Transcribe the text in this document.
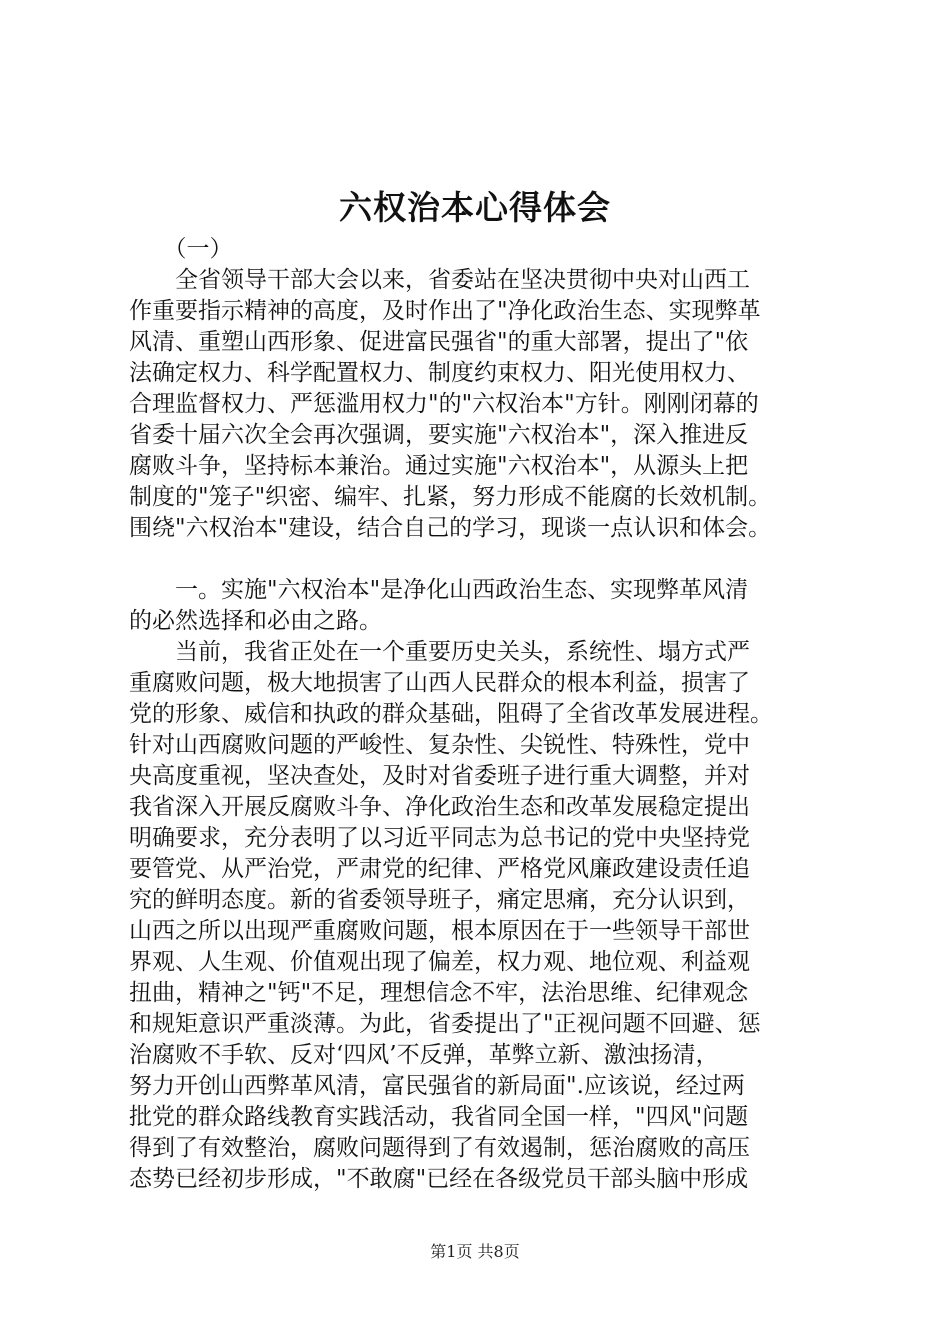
六权治本心得体会
　　（一）
　　全省领导干部大会以来，省委站在坚决贯彻中央对山西工
作重要指示精神的高度，及时作出了"净化政治生态、实现弊革
风清、重塑山西形象、促进富民强省"的重大部署，提出了"依
法确定权力、科学配置权力、制度约束权力、阳光使用权力、
合理监督权力、严惩滥用权力"的"六权治本"方针。刚刚闭幕的
省委十届六次全会再次强调，要实施"六权治本"，深入推进反
腐败斗争，坚持标本兼治。通过实施"六权治本"，从源头上把
制度的"笼子"织密、编牢、扎紧，努力形成不能腐的长效机制。
围绕"六权治本"建设，结合自己的学习，现谈一点认识和体会。
　　一。实施"六权治本"是净化山西政治生态、实现弊革风清
的必然选择和必由之路。
　　当前，我省正处在一个重要历史关头，系统性、塌方式严
重腐败问题，极大地损害了山西人民群众的根本利益，损害了
党的形象、威信和执政的群众基础，阻碍了全省改革发展进程。
针对山西腐败问题的严峻性、复杂性、尖锐性、特殊性，党中
央高度重视，坚决查处，及时对省委班子进行重大调整，并对
我省深入开展反腐败斗争、净化政治生态和改革发展稳定提出
明确要求，充分表明了以习近平同志为总书记的党中央坚持党
要管党、从严治党，严肃党的纪律、严格党风廉政建设责任追
究的鲜明态度。新的省委领导班子，痛定思痛，充分认识到，
山西之所以出现严重腐败问题，根本原因在于一些领导干部世
界观、人生观、价值观出现了偏差，权力观、地位观、利益观
扭曲，精神之"钙"不足，理想信念不牢，法治思维、纪律观念
和规矩意识严重淡薄。为此，省委提出了"正视问题不回避、惩
治腐败不手软、反对‘四风’不反弹，革弊立新、激浊扬清，
努力开创山西弊革风清，富民强省的新局面".应该说，经过两
批党的群众路线教育实践活动，我省同全国一样，"四风"问题
得到了有效整治，腐败问题得到了有效遏制，惩治腐败的高压
态势已经初步形成，"不敢腐"已经在各级党员干部头脑中形成
第1页 共8页
